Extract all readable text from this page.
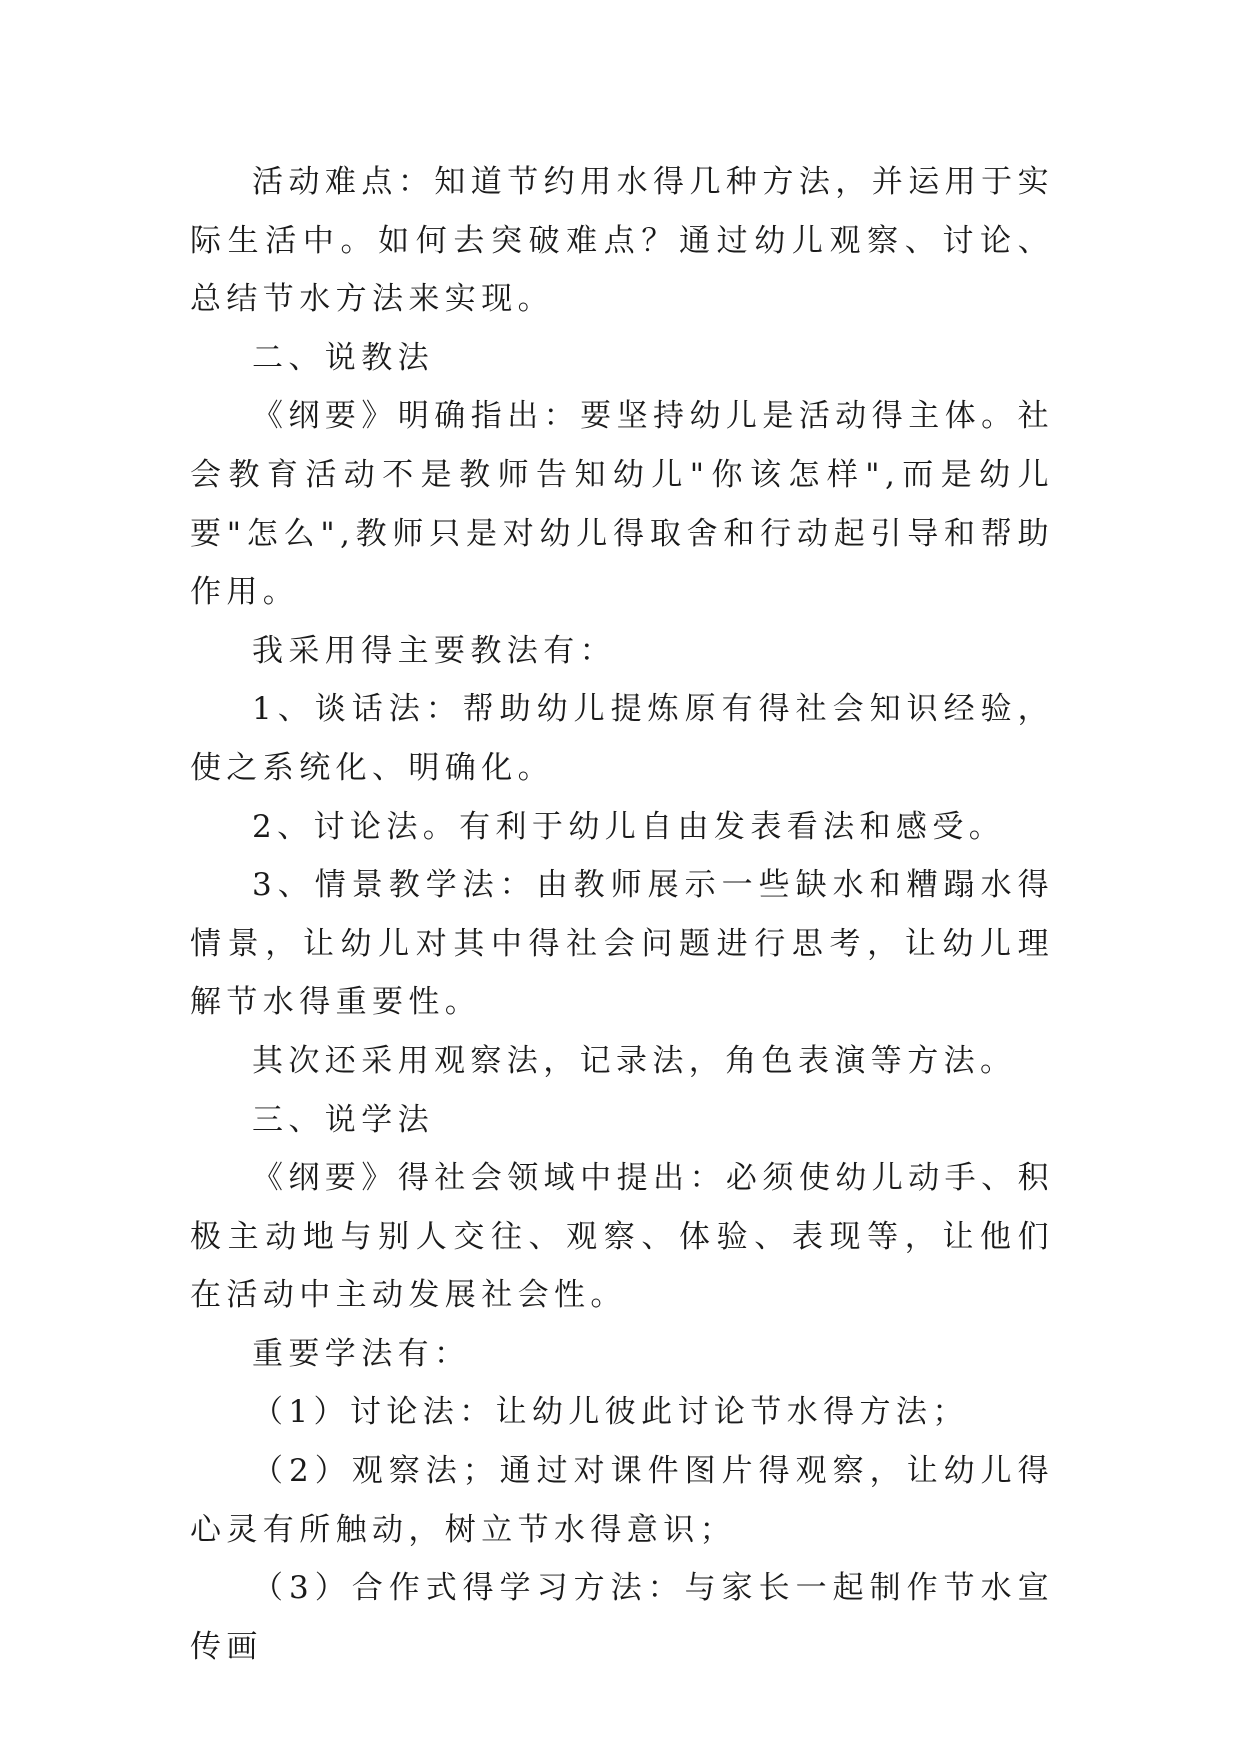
活动难点：知道节约用水得几种方法，并运用于实际生活中。如何去突破难点？通过幼儿观察、讨论、总结节水方法来实现。

二、说教法

《纲要》明确指出：要坚持幼儿是活动得主体。社会教育活动不是教师告知幼儿"你该怎样",而是幼儿要"怎么",教师只是对幼儿得取舍和行动起引导和帮助作用。

我采用得主要教法有：

1、谈话法：帮助幼儿提炼原有得社会知识经验，使之系统化、明确化。

2、讨论法。有利于幼儿自由发表看法和感受。

3、情景教学法：由教师展示一些缺水和糟蹋水得情景，让幼儿对其中得社会问题进行思考，让幼儿理解节水得重要性。

其次还采用观察法，记录法，角色表演等方法。

三、说学法

《纲要》得社会领域中提出：必须使幼儿动手、积极主动地与别人交往、观察、体验、表现等，让他们在活动中主动发展社会性。

重要学法有：

（1）讨论法：让幼儿彼此讨论节水得方法；

（2）观察法；通过对课件图片得观察，让幼儿得心灵有所触动，树立节水得意识；

（3）合作式得学习方法：与家长一起制作节水宣传画
